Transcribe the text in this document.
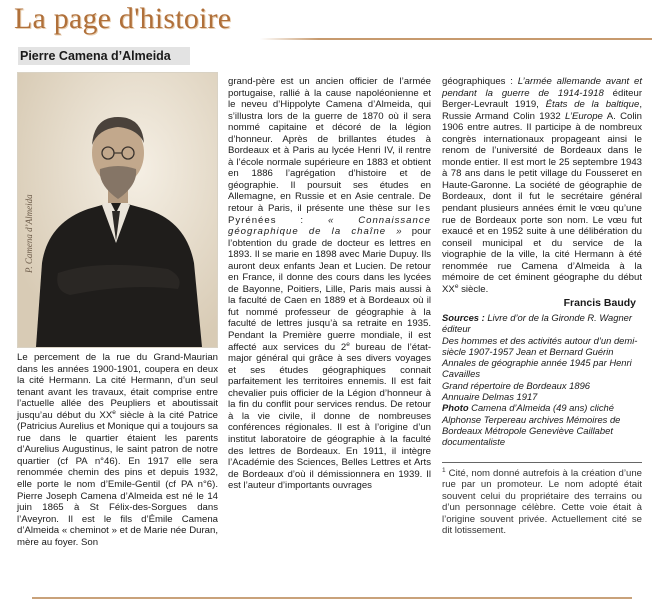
La page d'histoire
Pierre Camena d’Almeida
P. Camena d’Almeida

Le percement de la rue du Grand-Maurian dans les années 1900-1901, coupera en deux la cité Hermann. La cité Hermann, d’un seul tenant avant les travaux, était comprise entre l’actuelle allée des Peupliers et aboutissait jusqu’au début du XXe siècle à la cité Patrice (Patricius Aurelius et Monique qui a toujours sa rue dans le quartier étaient les parents d’Aurelius Augustinus, le saint patron de notre quartier (cf PA n°46). En 1917 elle sera renommée chemin des pins et depuis 1932, elle porte le nom d’Emile-Gentil (cf PA n°6). Pierre Joseph Camena d’Almeida est né le 14 juin 1865 à St Félix-des-Sorgues dans l’Aveyron. Il est le fils d’Émile Camena d’Almeida « cheminot » et de Marie née Duran, mère au foyer. Son

grand-père est un ancien officier de l’armée portugaise, rallié à la cause napoléonienne et le neveu d’Hippolyte Camena d’Almeida, qui s’illustra lors de la guerre de 1870 où il sera nommé capitaine et décoré de la légion d’honneur. Après de brillantes études à Bordeaux et à Paris au lycée Henri IV, il rentre à l’école normale supérieure en 1883 et obtient en 1886 l’agrégation d’histoire et de géographie. Il poursuit ses études en Allemagne, en Russie et en Asie centrale. De retour à Paris, il présente une thèse sur les Pyrénées : « Connaissance géographique de la chaîne » pour l’obtention du grade de docteur es lettres en 1893. Il se marie en 1898 avec Marie Dupuy. Ils auront deux enfants Jean et Lucien. De retour en France, il donne des cours dans les lycées de Bayonne, Poitiers, Lille, Paris mais aussi à la faculté de Caen en 1889 et à Bordeaux où il fut nommé professeur de géographie à la faculté de lettres jusqu’à sa retraite en 1935. Pendant la Première guerre mondiale, il est affecté aux services du 2e bureau de l’état-major général qui grâce à ses divers voyages et ses études géographiques connait parfaitement les territoires ennemis. Il est fait chevalier puis officier de la Légion d’honneur à la fin du conflit pour services rendus. De retour à la vie civile, il donne de nombreuses conférences régionales. Il est à l’origine d’un institut laboratoire de géographie à la faculté des lettres de Bordeaux. En 1911, il intègre l’Académie des Sciences, Belles Lettres et Arts de Bordeaux d’où il démissionnera en 1939. Il est l’auteur d’importants ouvrages

géographiques : L’armée allemande avant et pendant la guerre de 1914-1918 éditeur Berger-Levrault 1919, États de la baltique, Russie Armand Colin 1932 L’Europe A. Colin 1906 entre autres. Il participe à de nombreux congrès internationaux propageant ainsi le renom de l’université de Bordeaux dans le monde entier. Il est mort le 25 septembre 1943 à 78 ans dans le petit village du Fousseret en Haute-Garonne. La société de géographie de Bordeaux, dont il fut le secrétaire général pendant plusieurs années émit le vœu qu’une rue de Bordeaux porte son nom. Le vœu fut exaucé et en 1952 suite à une délibération du conseil municipal et du service de la viographie de la ville, la cité Hermann à été renommée rue Camena d’Almeida à la mémoire de cet éminent géographe du début XXe siècle.

Francis Baudy
Sources : Livre d’or de la Gironde R. Wagner éditeur
Des hommes et des activités autour d’un demi-siècle 1907-1957 Jean et Bernard Guérin
Annales de géographie année 1945 par Henri Cavailles
Grand répertoire de Bordeaux 1896
Annuaire Delmas 1917
Photo Camena d’Almeida (49 ans) cliché Alphonse Terpereau archives Mémoires de Bordeaux Métropole Geneviève Caillabet documentaliste

$^1$ Cité, nom donné autrefois à la création d’une rue par un promoteur. Le nom adopté était souvent celui du propriétaire des terrains ou d’un personnage célèbre. Cette voie était à l’origine souvent privée. Actuellement cité se dit lotissement.
